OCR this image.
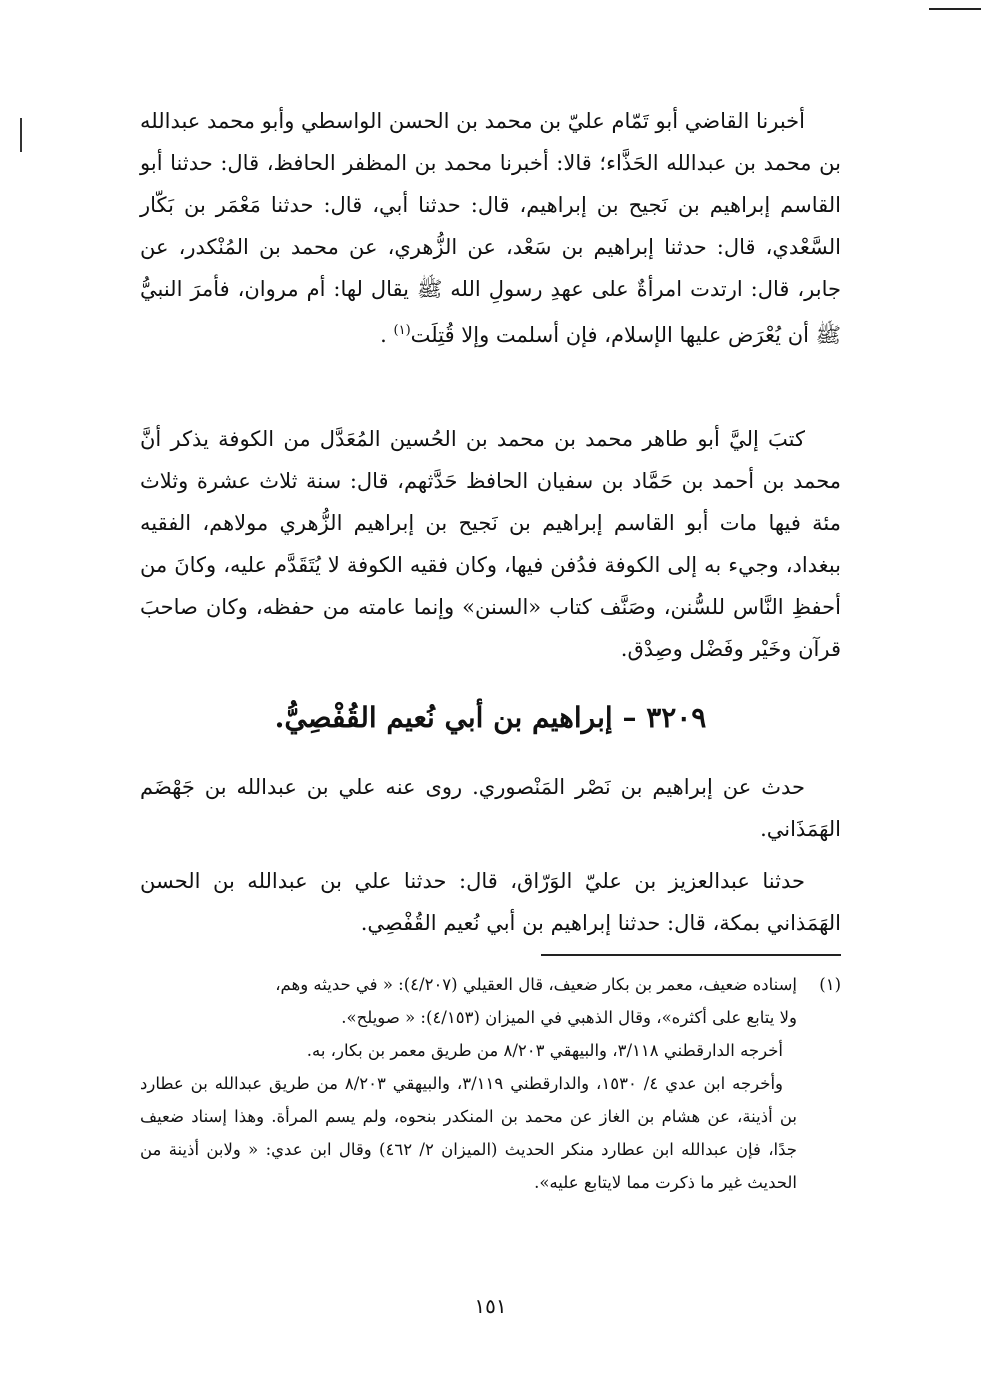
أخبرنا القاضي أبو تَمّام عليّ بن محمد بن الحسن الواسطي وأبو محمد عبدالله بن محمد بن عبدالله الحَذَّاء؛ قالا: أخبرنا محمد بن المظفر الحافظ، قال: حدثنا أبو القاسم إبراهيم بن نَجيح بن إبراهيم، قال: حدثنا أبي، قال: حدثنا مَعْمَر بن بَكّار السَّعْدي، قال: حدثنا إبراهيم بن سَعْد، عن الزُّهري، عن محمد بن المُنْكدر، عن جابر، قال: ارتدت امرأةٌ على عهدِ رسولِ الله ﷺ يقال لها: أم مروان، فأمرَ النبيُّ ﷺ أن يُعْرَض عليها الإسلام، فإن أسلمت وإلا قُتِلَت$^{(١)}$ .

كتبَ إليَّ أبو طاهر محمد بن محمد بن الحُسين المُعَدَّل من الكوفة يذكر أنَّ محمد بن أحمد بن حَمَّاد بن سفيان الحافظ حَدَّثهم، قال: سنة ثلاث عشرة وثلاث مئة فيها مات أبو القاسم إبراهيم بن نَجيح بن إبراهيم الزُّهري مولاهم، الفقيه ببغداد، وجيء به إلى الكوفة فدُفن فيها، وكان فقيه الكوفة لا يُتَقَدَّم عليه، وكانَ من أحفظِ النَّاس للسُّنن، وصَنَّف كتاب «السنن» وإنما عامته من حفظه، وكان صاحبَ قرآن وخَيْر وفَضْل وصِدْق.

٣٢٠٩ – إبراهيم بن أبي نُعيم القُفْصِيُّ.

حدث عن إبراهيم بن نَصْر المَنْصوري. روى عنه علي بن عبدالله بن جَهْضَم الهَمَذَاني.

حدثنا عبدالعزيز بن عليّ الوَرّاق، قال: حدثنا علي بن عبدالله بن الحسن الهَمَذاني بمكة، قال: حدثنا إبراهيم بن أبي نُعيم القُفْصِي.

(١)
إسناده ضعيف، معمر بن بكار ضعيف، قال العقيلي (٤/٢٠٧): « في حديثه وهم،

ولا يتابع على أكثره»، وقال الذهبي في الميزان (٤/١٥٣): « صويلح».

أخرجه الدارقطني ٣/١١٨، والبيهقي ٨/٢٠٣ من طريق معمر بن بكار، به.

وأخرجه ابن عدي ٤/ ١٥٣٠، والدارقطني ٣/١١٩، والبيهقي ٨/٢٠٣ من طريق عبدالله بن عطارد بن أذينة، عن هشام بن الغاز عن محمد بن المنكدر بنحوه، ولم يسم المرأة. وهذا إسناد ضعيف جدًا، فإن عبدالله ابن عطارد منكر الحديث (الميزان ٢/ ٤٦٢) وقال ابن عدي: « ولابن أذينة من الحديث غير ما ذكرت مما لايتابع عليه».

١٥١
